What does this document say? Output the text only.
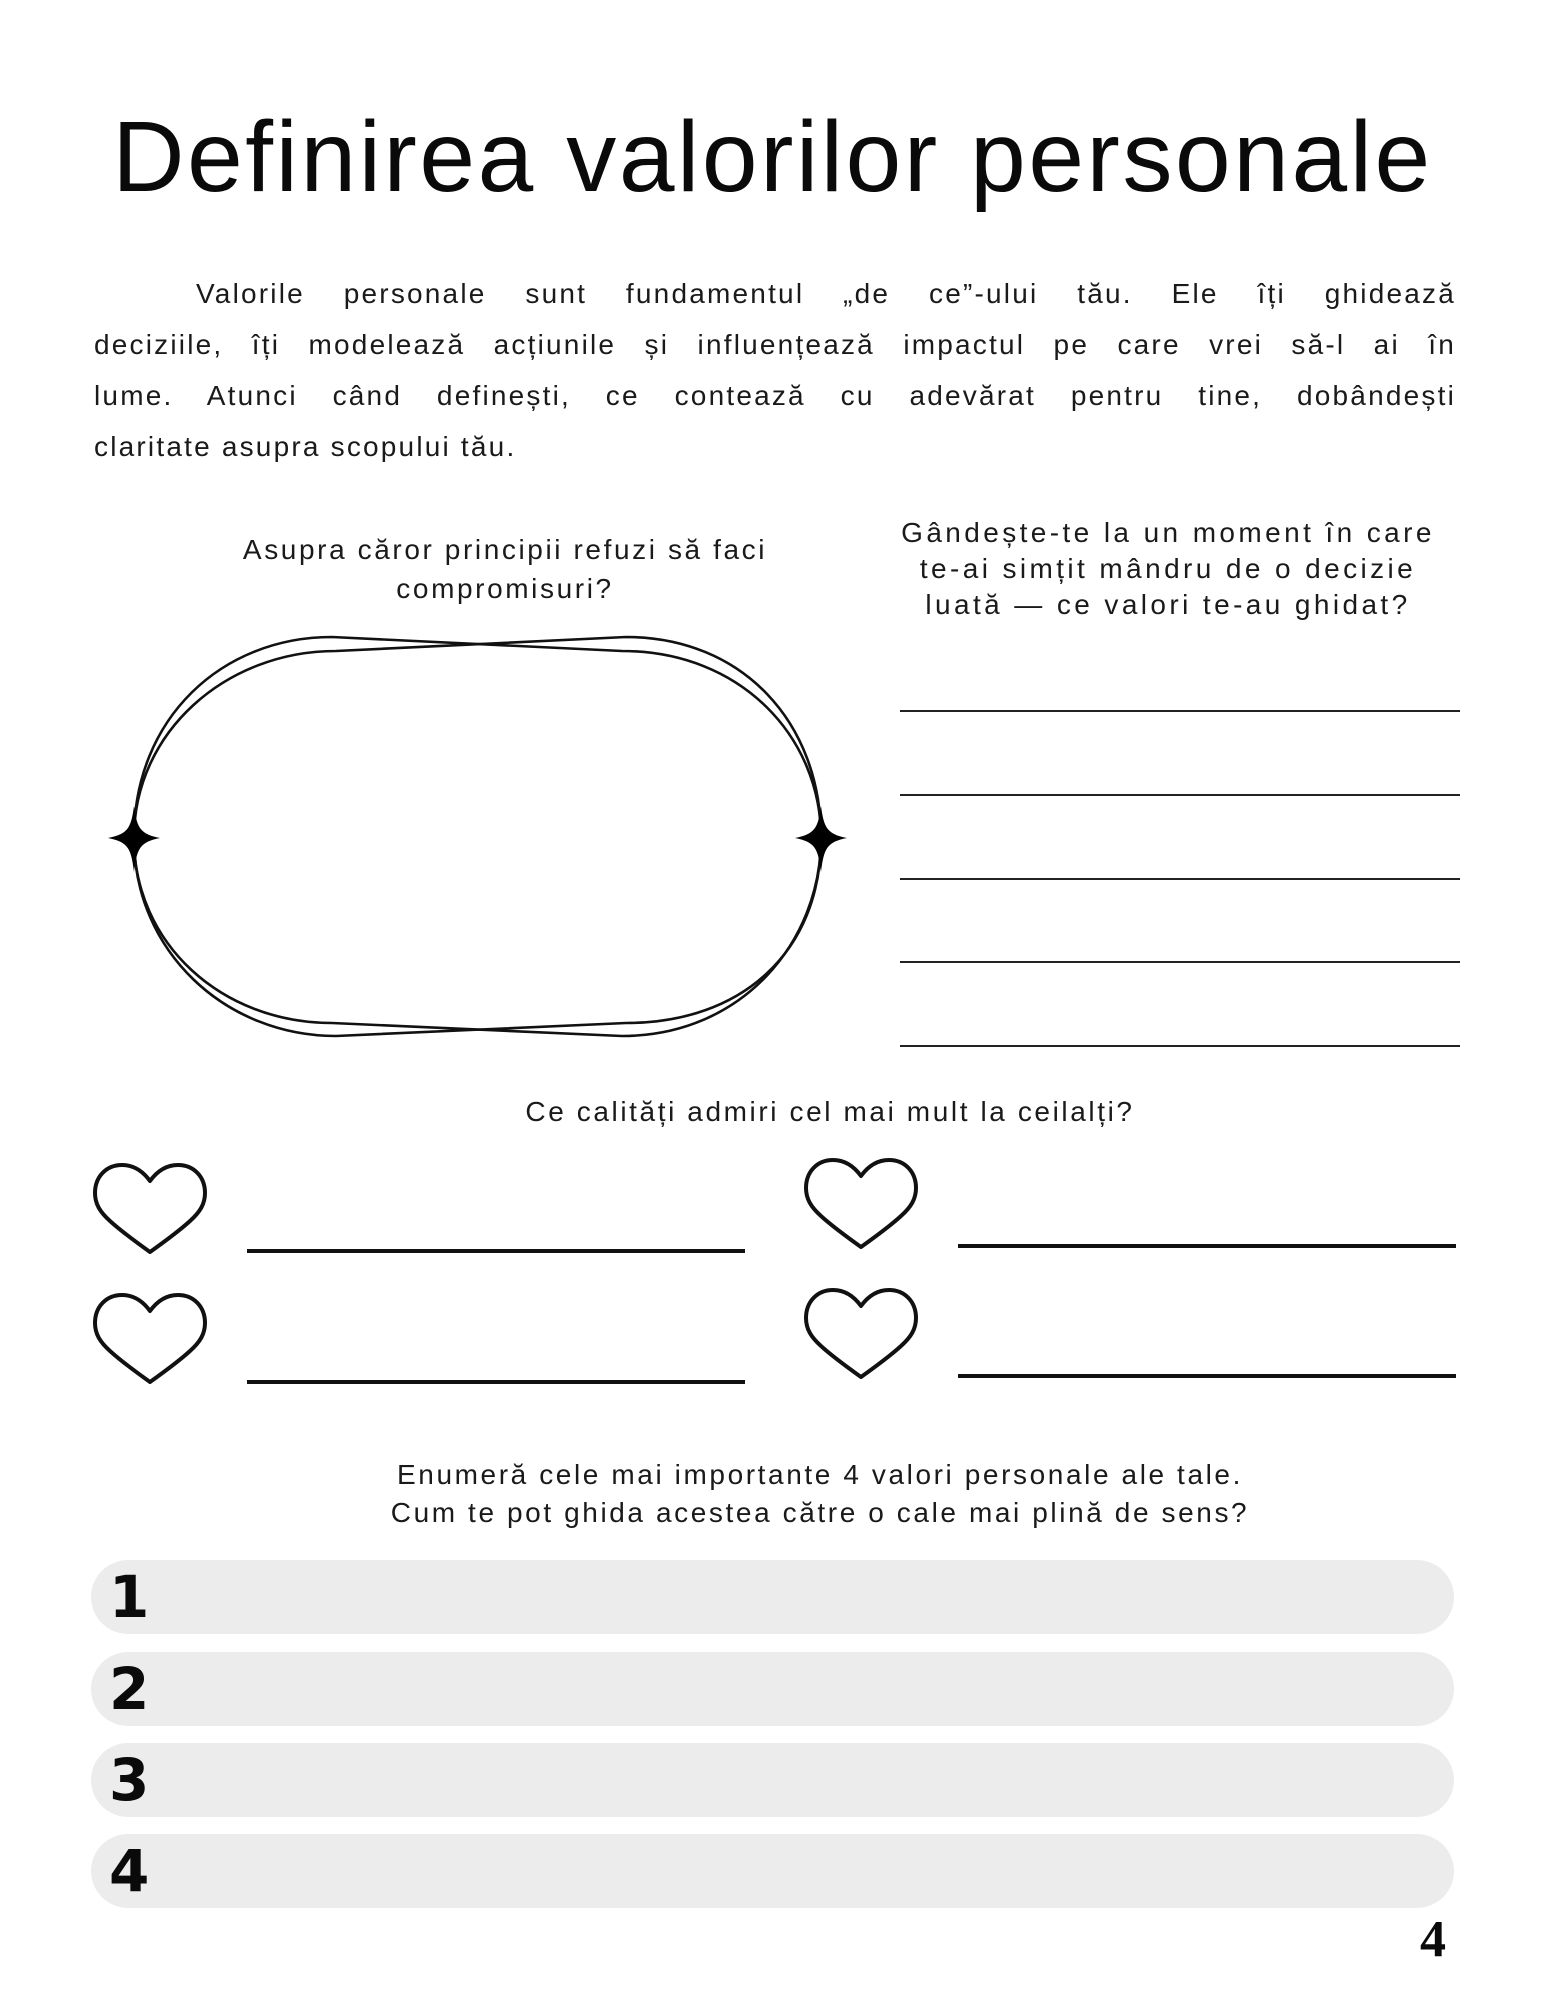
Definirea valorilor personale
Valorile personale sunt fundamentul „de ce”-ului tău. Ele îți ghidează
deciziile, îți modelează acțiunile și influențează impactul pe care vrei să-l ai în
lume. Atunci când definești, ce contează cu adevărat pentru tine, dobândești
claritate asupra scopului tău.
Asupra căror principii refuzi să faci
compromisuri?
Gândește-te la un moment în care
te-ai simțit mândru de o decizie
luată — ce valori te-au ghidat?
Ce calități admiri cel mai mult la ceilalți?
Enumeră cele mai importante 4 valori personale ale tale.
Cum te pot ghida acestea către o cale mai plină de sens?
1
2
3
4
4
